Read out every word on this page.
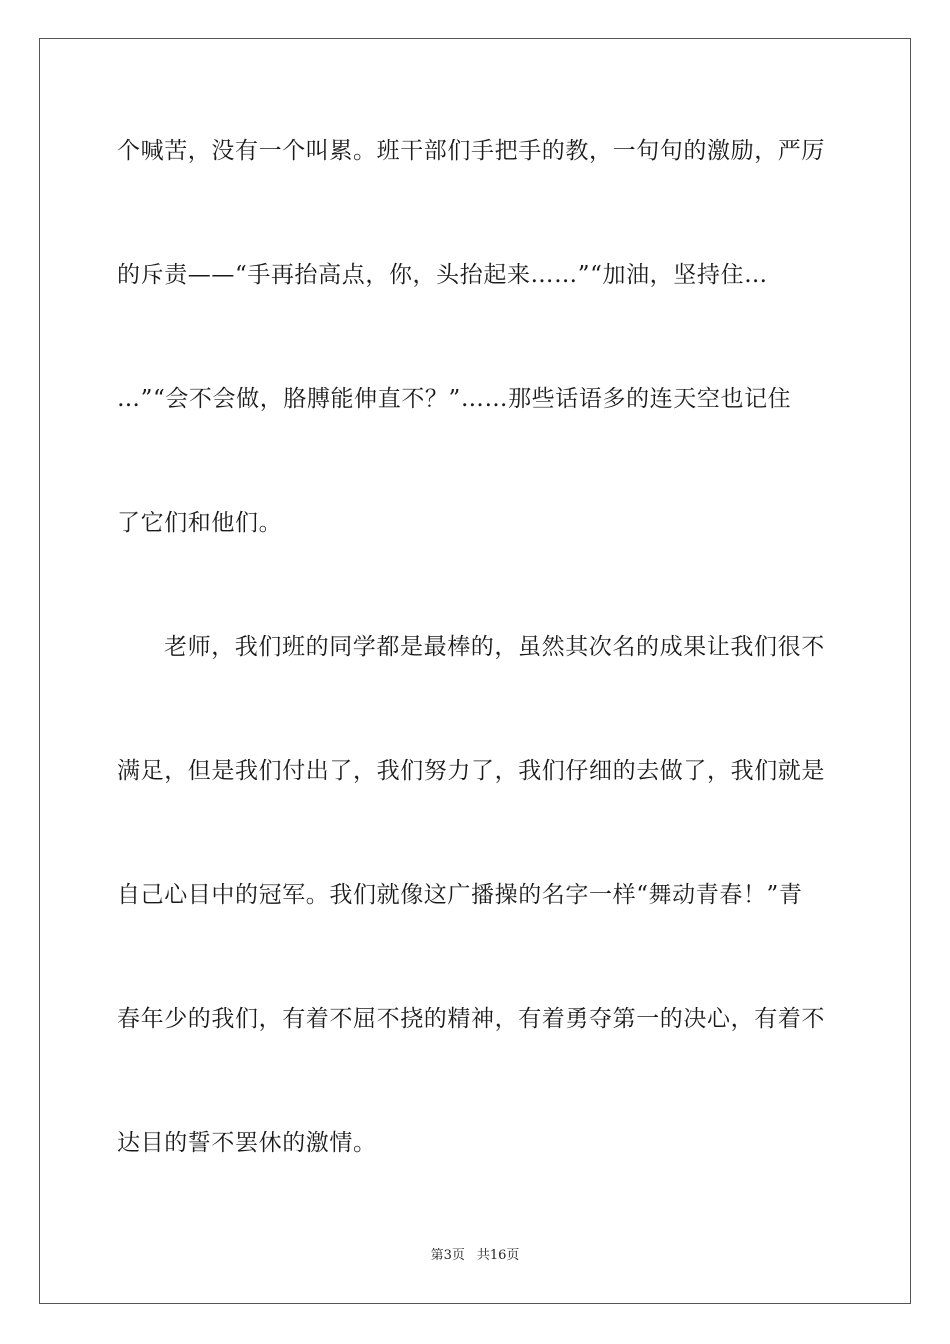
个喊苦，没有一个叫累。班干部们手把手的教，一句句的激励，严厉
的斥责——“手再抬高点，你，头抬起来……”“加油，坚持住…
…”“会不会做，胳膊能伸直不？”……那些话语多的连天空也记住
了它们和他们。
老师，我们班的同学都是最棒的，虽然其次名的成果让我们很不
满足，但是我们付出了，我们努力了，我们仔细的去做了，我们就是
自己心目中的冠军。我们就像这广播操的名字一样“舞动青春！”青
春年少的我们，有着不屈不挠的精神，有着勇夺第一的决心，有着不
达目的誓不罢休的激情。
第3页 共16页
